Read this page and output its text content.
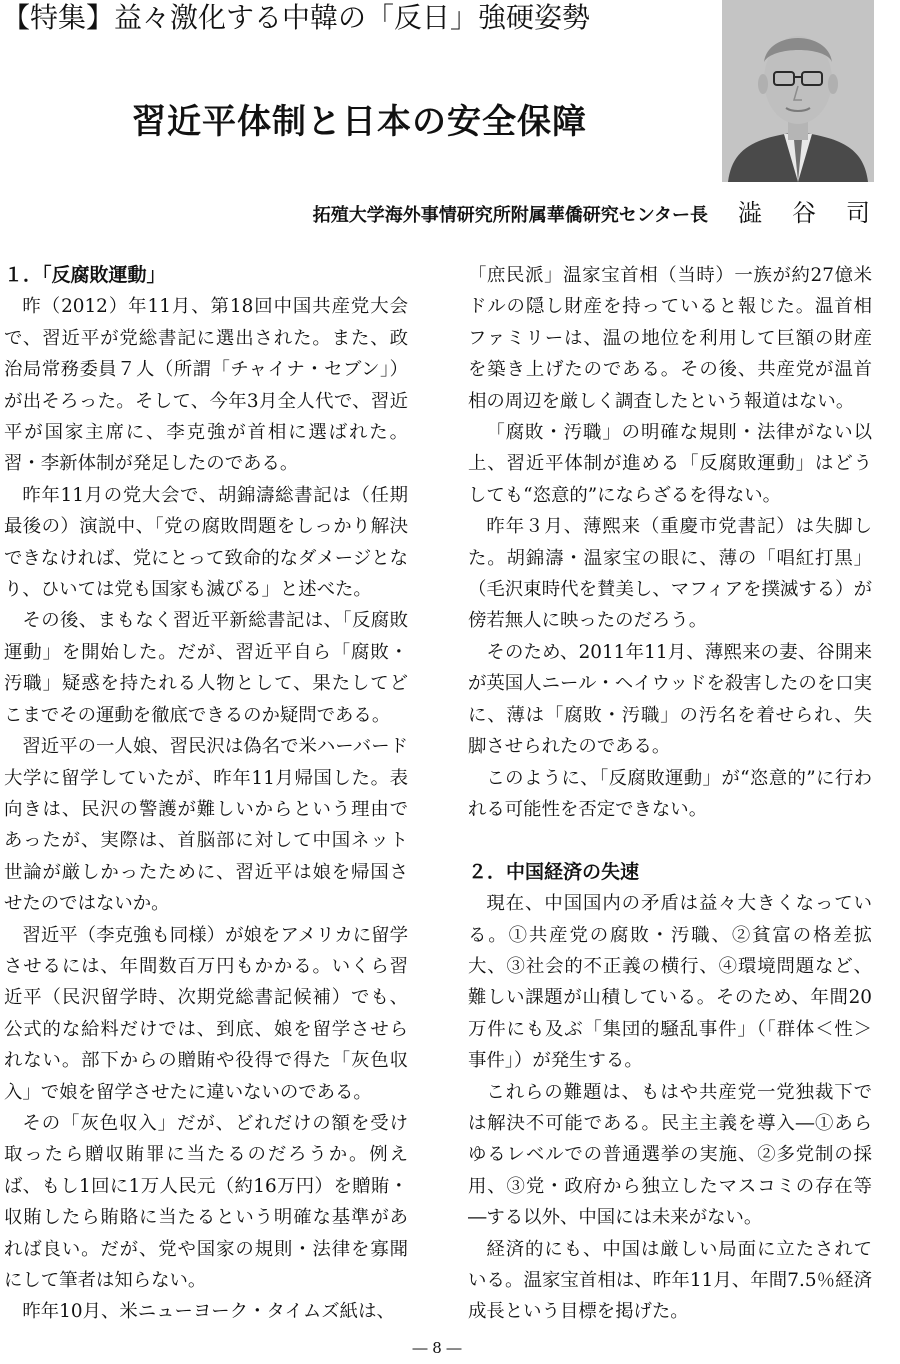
【特集】益々激化する中韓の「反日」強硬姿勢
習近平体制と日本の安全保障
拓殖大学海外事情研究所附属華僑研究センター長 澁谷司
１．「反腐敗運動」

昨（2012）年11月、第18回中国共産党大会で、習近平が党総書記に選出された。また、政治局常務委員７人（所謂「チャイナ・セブン」）が出そろった。そして、今年3月全人代で、習近平が国家主席に、李克強が首相に選ばれた。習・李新体制が発足したのである。

昨年11月の党大会で、胡錦濤総書記は（任期最後の）演説中、「党の腐敗問題をしっかり解決できなければ、党にとって致命的なダメージとなり、ひいては党も国家も滅びる」と述べた。

その後、まもなく習近平新総書記は、「反腐敗運動」を開始した。だが、習近平自ら「腐敗・汚職」疑惑を持たれる人物として、果たしてどこまでその運動を徹底できるのか疑問である。

習近平の一人娘、習民沢は偽名で米ハーバード大学に留学していたが、昨年11月帰国した。表向きは、民沢の警護が難しいからという理由であったが、実際は、首脳部に対して中国ネット世論が厳しかったために、習近平は娘を帰国させたのではないか。

習近平（李克強も同様）が娘をアメリカに留学させるには、年間数百万円もかかる。いくら習近平（民沢留学時、次期党総書記候補）でも、公式的な給料だけでは、到底、娘を留学させられない。部下からの贈賄や役得で得た「灰色収入」で娘を留学させたに違いないのである。

その「灰色収入」だが、どれだけの額を受け取ったら贈収賄罪に当たるのだろうか。例えば、もし1回に1万人民元（約16万円）を贈賄・収賄したら賄賂に当たるという明確な基準があれば良い。だが、党や国家の規則・法律を寡聞にして筆者は知らない。

昨年10月、米ニューヨーク・タイムズ紙は、

「庶民派」温家宝首相（当時）一族が約27億米ドルの隠し財産を持っていると報じた。温首相ファミリーは、温の地位を利用して巨額の財産を築き上げたのである。その後、共産党が温首相の周辺を厳しく調査したという報道はない。

「腐敗・汚職」の明確な規則・法律がない以上、習近平体制が進める「反腐敗運動」はどうしても“恣意的”にならざるを得ない。

昨年３月、薄熙来（重慶市党書記）は失脚した。胡錦濤・温家宝の眼に、薄の「唱紅打黒」（毛沢東時代を賛美し、マフィアを撲滅する）が傍若無人に映ったのだろう。

そのため、2011年11月、薄熙来の妻、谷開来が英国人ニール・ヘイウッドを殺害したのを口実に、薄は「腐敗・汚職」の汚名を着せられ、失脚させられたのである。

このように、「反腐敗運動」が“恣意的”に行われる可能性を否定できない。

２．中国経済の失速

現在、中国国内の矛盾は益々大きくなっている。①共産党の腐敗・汚職、②貧富の格差拡大、③社会的不正義の横行、④環境問題など、難しい課題が山積している。そのため、年間20万件にも及ぶ「集団的騒乱事件」（「群体＜性＞事件」）が発生する。

これらの難題は、もはや共産党一党独裁下では解決不可能である。民主主義を導入―①あらゆるレベルでの普通選挙の実施、②多党制の採用、③党・政府から独立したマスコミの存在等―する以外、中国には未来がない。

経済的にも、中国は厳しい局面に立たされている。温家宝首相は、昨年11月、年間7.5％経済成長という目標を掲げた。

― 8 ―
